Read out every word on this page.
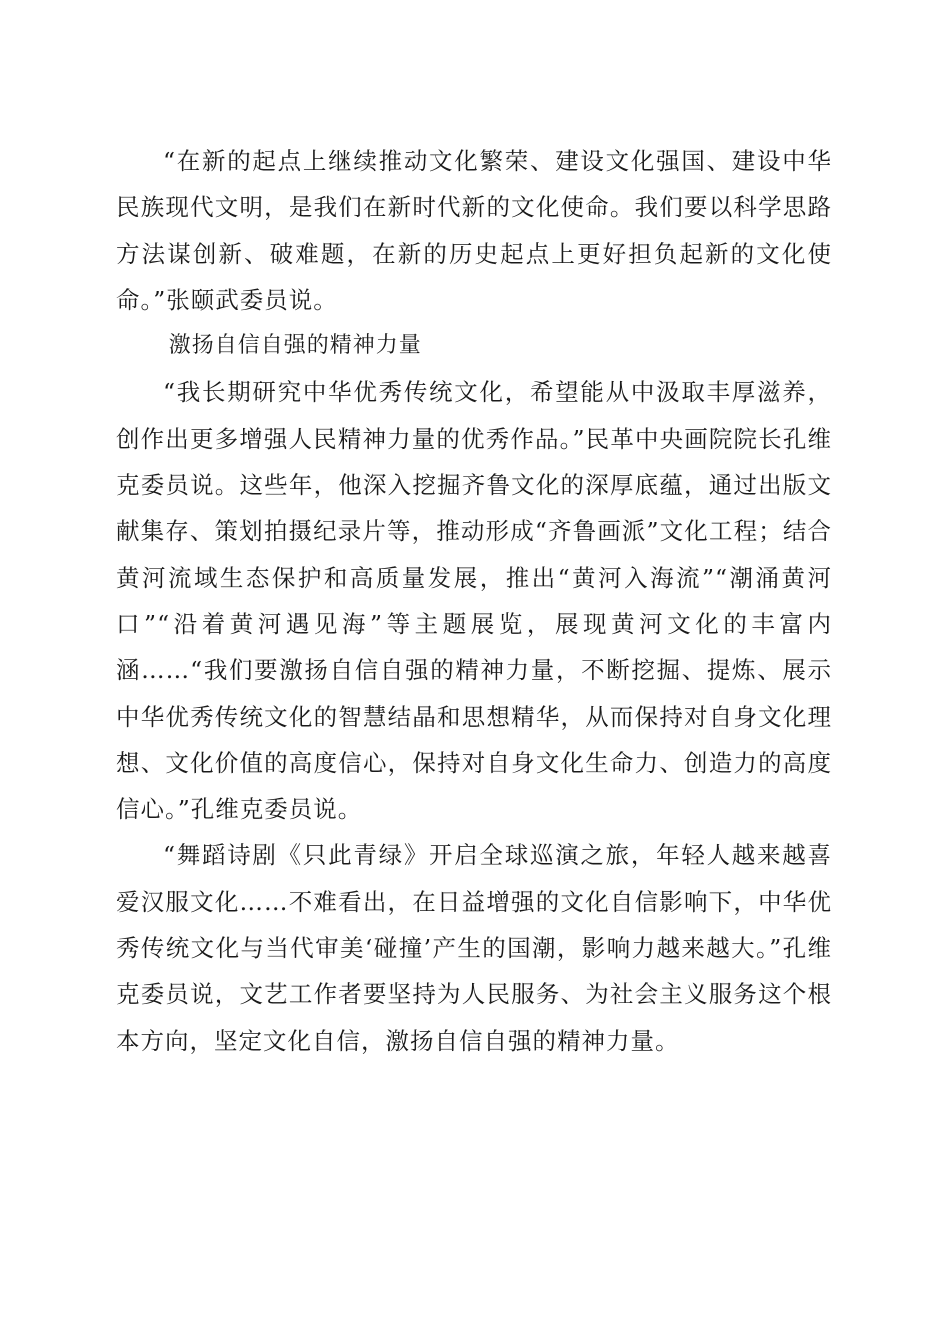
“在新的起点上继续推动文化繁荣、建设文化强国、建设中华民族现代文明，是我们在新时代新的文化使命。我们要以科学思路方法谋创新、破难题，在新的历史起点上更好担负起新的文化使命。”张颐武委员说。

激扬自信自强的精神力量

“我长期研究中华优秀传统文化，希望能从中汲取丰厚滋养，创作出更多增强人民精神力量的优秀作品。”民革中央画院院长孔维克委员说。这些年，他深入挖掘齐鲁文化的深厚底蕴，通过出版文献集存、策划拍摄纪录片等，推动形成“齐鲁画派”文化工程；结合黄河流域生态保护和高质量发展，推出“黄河入海流”“潮涌黄河口”“沿着黄河遇见海”等主题展览，展现黄河文化的丰富内涵……“我们要激扬自信自强的精神力量，不断挖掘、提炼、展示中华优秀传统文化的智慧结晶和思想精华，从而保持对自身文化理想、文化价值的高度信心，保持对自身文化生命力、创造力的高度信心。”孔维克委员说。

“舞蹈诗剧《只此青绿》开启全球巡演之旅，年轻人越来越喜爱汉服文化……不难看出，在日益增强的文化自信影响下，中华优秀传统文化与当代审美‘碰撞’产生的国潮，影响力越来越大。”孔维克委员说，文艺工作者要坚持为人民服务、为社会主义服务这个根本方向，坚定文化自信，激扬自信自强的精神力量。
